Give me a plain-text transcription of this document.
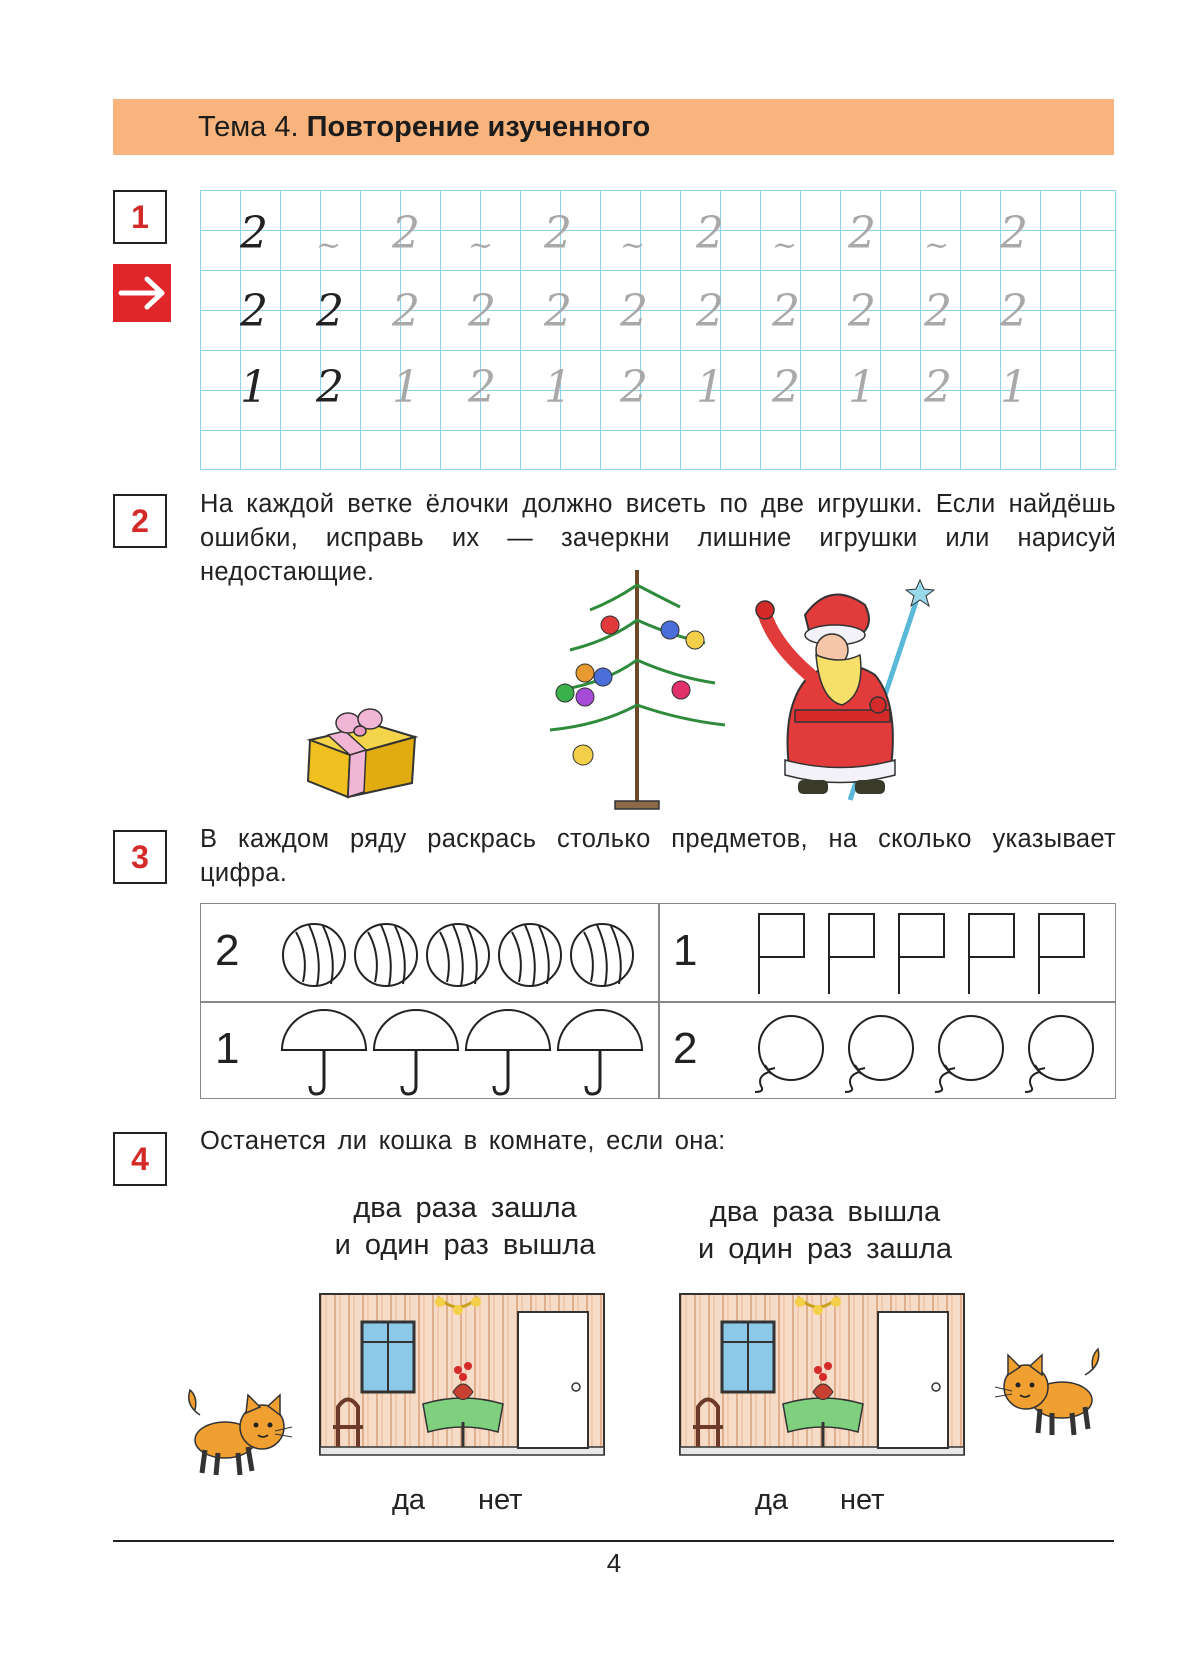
Тема 4. Повторение изученного
1	2 ~ 2 ~ 2 ~ 2 ~ 2 ~ 2
2 2 2 2 2 2 2 2 2 2 2
1 2 1 2 1 2 1 2 1 2 1
2	На каждой ветке ёлочки должно висеть по две игрушки. Если найдёшь ошибки, исправь их — зачеркни лишние игрушки или нарисуй недостающие.
3	В каждом ряду раскрась столько предметов, на сколько указывает цифра.
2	1
1	2
4	Останется ли кошка в комнате, если она:
два раза зашла
и один раз вышла
два раза вышла
и один раз зашла
да нет	да нет
4
